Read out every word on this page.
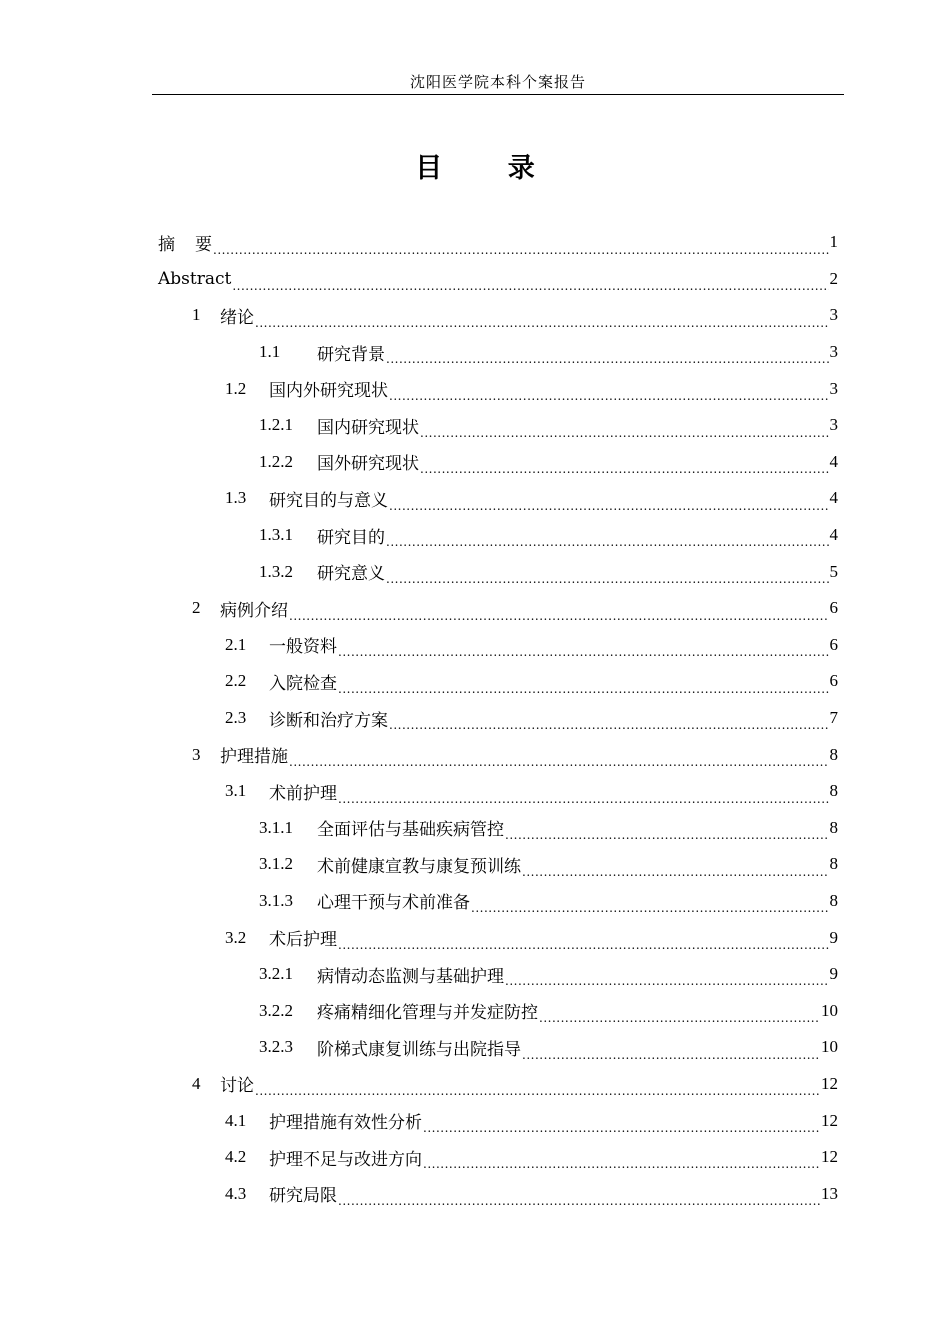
沈阳医学院本科个案报告
目 录
摘 要 .....	1
Abstract .....	2
1	绪论 .....	3
1.1	研究背景 .....	3
1.2	国内外研究现状 .....	3
1.2.1	国内研究现状 .....	3
1.2.2	国外研究现状 .....	4
1.3	研究目的与意义 .....	4
1.3.1	研究目的 .....	4
1.3.2	研究意义 .....	5
2	病例介绍 .....	6
2.1	一般资料 .....	6
2.2	入院检查 .....	6
2.3	诊断和治疗方案 .....	7
3	护理措施 .....	8
3.1	术前护理 .....	8
3.1.1	全面评估与基础疾病管控 .....	8
3.1.2	术前健康宣教与康复预训练 .....	8
3.1.3	心理干预与术前准备 .....	8
3.2	术后护理 .....	9
3.2.1	病情动态监测与基础护理 .....	9
3.2.2	疼痛精细化管理与并发症防控 .....	10
3.2.3	阶梯式康复训练与出院指导 .....	10
4	讨论 .....	12
4.1	护理措施有效性分析 .....	12
4.2	护理不足与改进方向 .....	12
4.3	研究局限 .....	13
